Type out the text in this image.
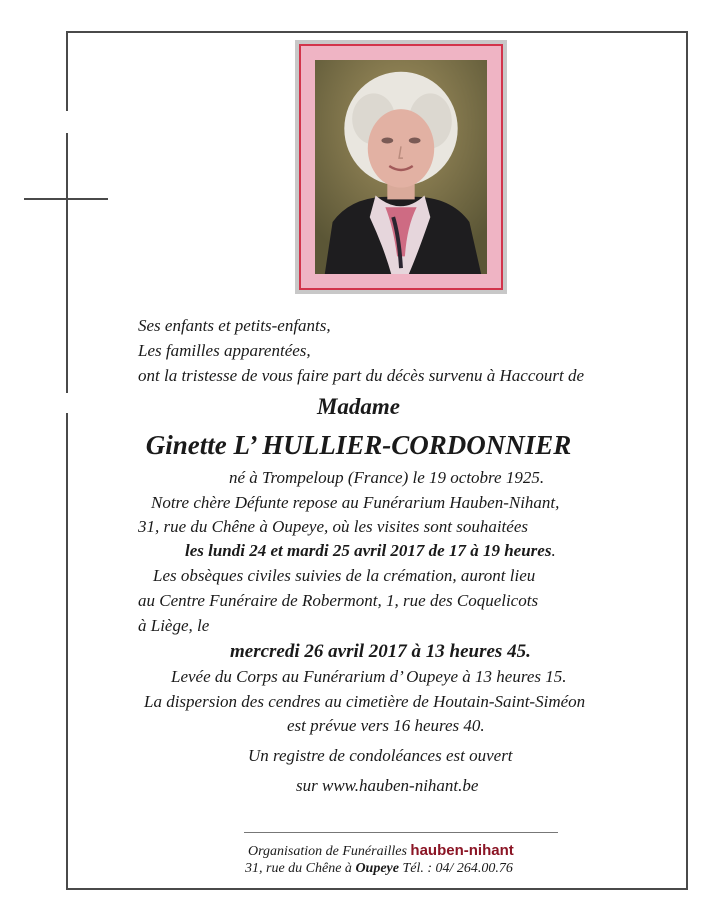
Ses enfants et petits-enfants,
Les familles apparentées,
ont la tristesse de vous faire part du décès survenu à Haccourt de
Madame
Ginette L’ HULLIER-CORDONNIER
né à Trompeloup (France) le 19 octobre 1925.
Notre chère Défunte repose au Funérarium Hauben-Nihant,
31, rue du Chêne à Oupeye, où les visites sont souhaitées
les lundi 24 et mardi 25 avril 2017 de 17 à 19 heures.
Les obsèques civiles suivies de la crémation, auront lieu
au Centre Funéraire de Robermont, 1, rue des Coquelicots
à Liège, le
mercredi 26 avril 2017 à 13 heures 45.
Levée du Corps au Funérarium d’ Oupeye à 13 heures 15.
La dispersion des cendres au cimetière de Houtain-Saint-Siméon
est prévue vers 16 heures 40.
Un registre de condoléances est ouvert
sur www.hauben-nihant.be
Organisation de Funérailles hauben-nihant
31, rue du Chêne à Oupeye Tél. : 04/ 264.00.76
